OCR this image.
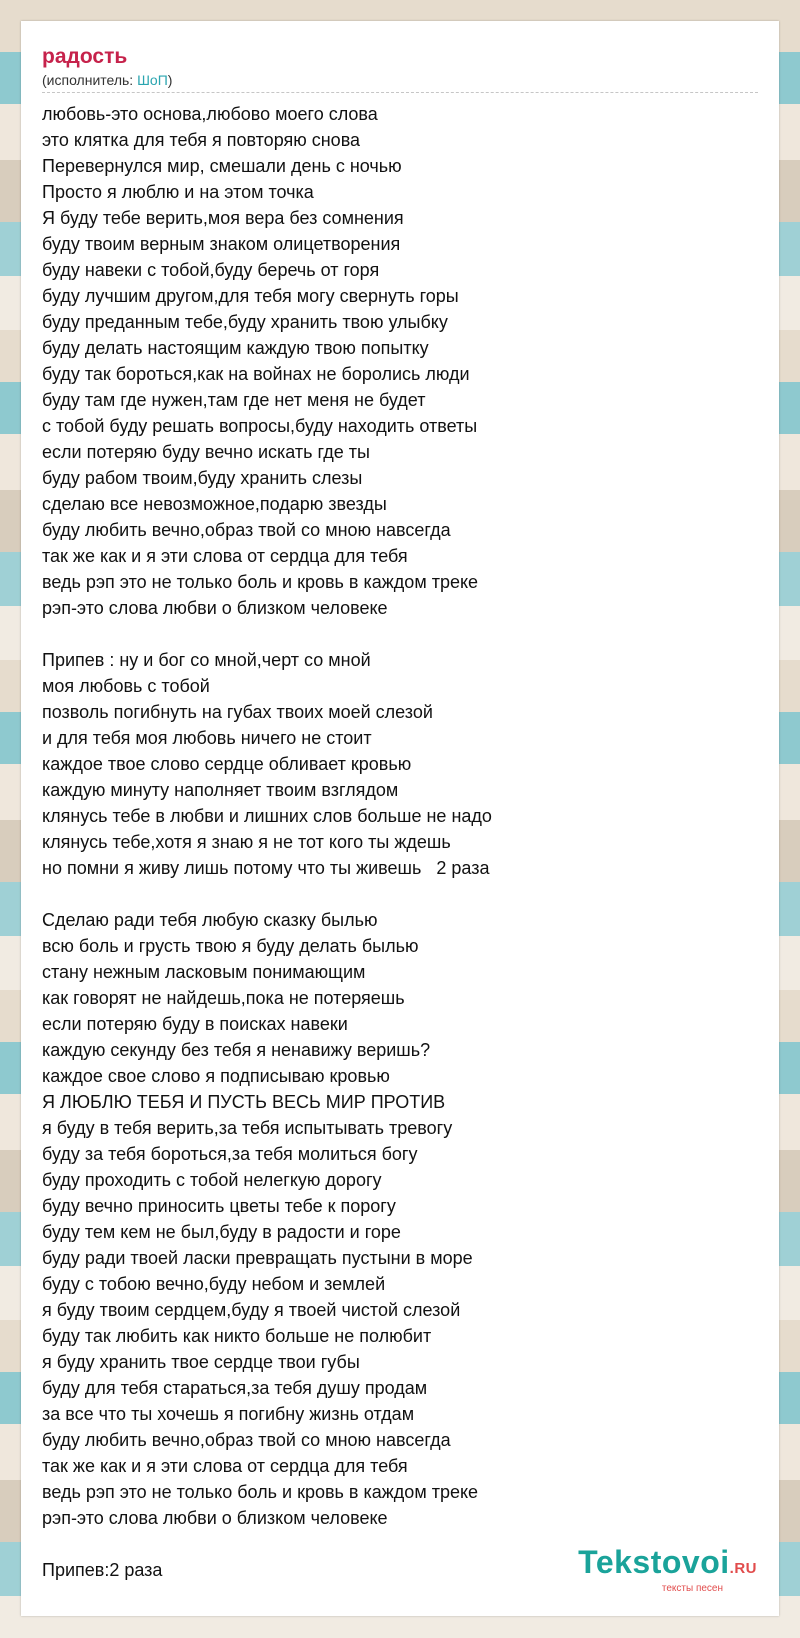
радость
(исполнитель: ШоП)
любовь-это основа,любово моего слова
это клятка для тебя я повторяю снова
Перевернулся мир, смешали день с ночью
Просто я люблю и на этом точка
Я буду тебе верить,моя вера без сомнения
буду твоим верным знаком олицетворения
буду навеки с тобой,буду беречь от горя
буду лучшим другом,для тебя могу свернуть горы
буду преданным тебе,буду хранить твою улыбку
буду делать настоящим каждую твою попытку
буду так бороться,как на войнах не боролись люди
буду там где нужен,там где нет меня не будет
с тобой буду решать вопросы,буду находить ответы
если потеряю буду вечно искать где ты
буду рабом твоим,буду хранить слезы
сделаю все невозможное,подарю звезды
буду любить вечно,образ твой со мною навсегда
так же как и я эти слова от сердца для тебя
ведь рэп это не только боль и кровь в каждом треке
рэп-это слова любви о близком человеке

Припев : ну и бог со мной,черт со мной
моя любовь с тобой
позволь погибнуть на губах твоих моей слезой
и для тебя моя любовь ничего не стоит
каждое твое слово сердце обливает кровью
каждую минуту наполняет твоим взглядом
клянусь тебе в любви и лишних слов больше не надо
клянусь тебе,хотя я знаю я не тот кого ты ждешь
но помни я живу лишь потому что ты живешь   2 раза

Сделаю ради тебя любую сказку былью
всю боль и грусть твою я буду делать былью
стану нежным ласковым понимающим
как говорят не найдешь,пока не потеряешь
если потеряю буду в поисках навеки
каждую секунду без тебя я ненавижу веришь?
каждое свое слово я подписываю кровью
Я ЛЮБЛЮ ТЕБЯ И ПУСТЬ ВЕСЬ МИР ПРОТИВ
я буду в тебя верить,за тебя испытывать тревогу
буду за тебя бороться,за тебя молиться богу
буду проходить с тобой нелегкую дорогу
буду вечно приносить цветы тебе к порогу
буду тем кем не был,буду в радости и горе
буду ради твоей ласки превращать пустыни в море
буду с тобою вечно,буду небом и землей
я буду твоим сердцем,буду я твоей чистой слезой
буду так любить как никто больше не полюбит
я буду хранить твое сердце твои губы
буду для тебя стараться,за тебя душу продам
за все что ты хочешь я погибну жизнь отдам
буду любить вечно,образ твой со мною навсегда
так же как и я эти слова от сердца для тебя
ведь рэп это не только боль и кровь в каждом треке
рэп-это слова любви о близком человеке

Припев:2 раза	Tekstovoi.RU
тексты песен
